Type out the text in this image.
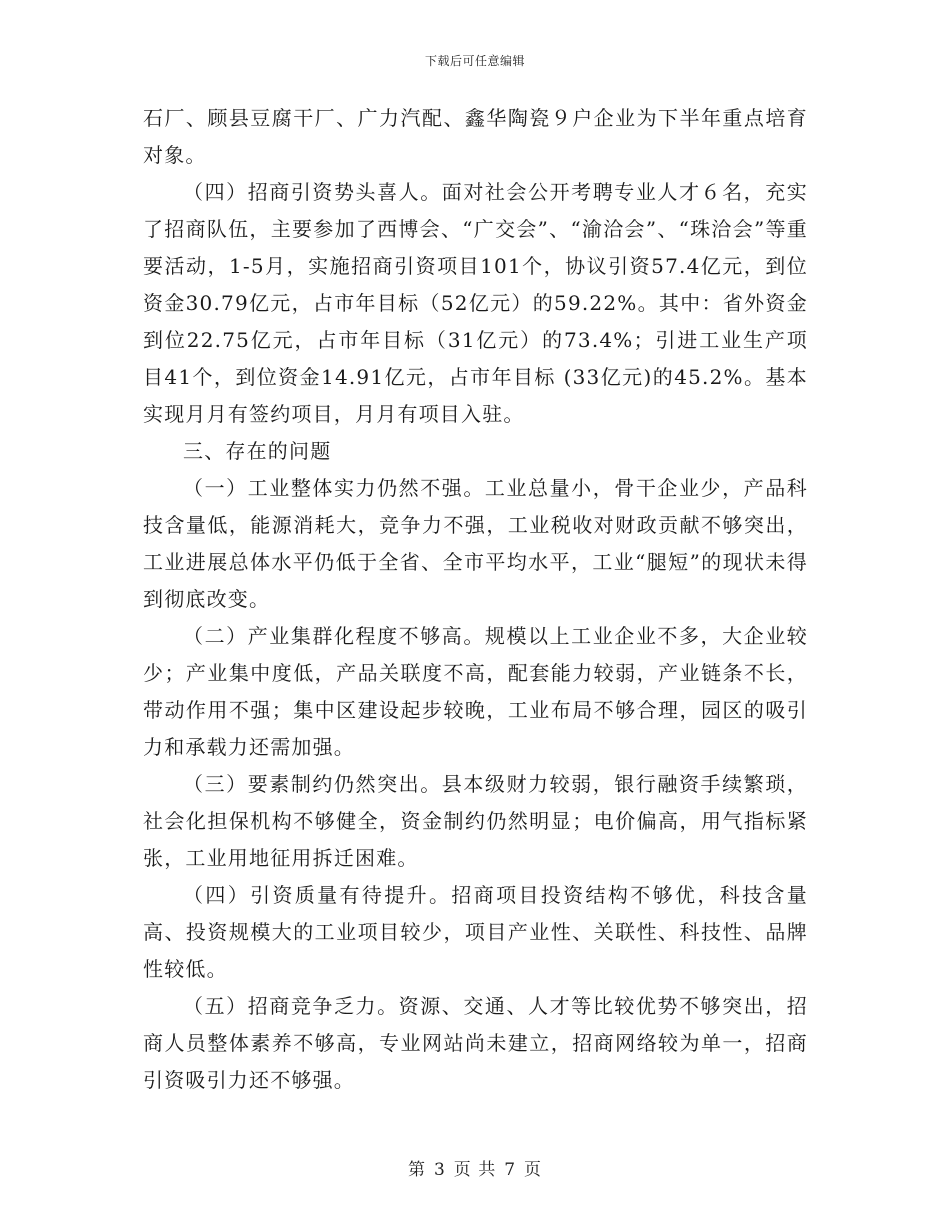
下载后可任意编辑

石厂、顾县豆腐干厂、广力汽配、鑫华陶瓷９户企业为下半年重点培育对象。

（四）招商引资势头喜人。面对社会公开考聘专业人才６名，充实了招商队伍，主要参加了西博会、“广交会”、“渝洽会”、“珠洽会”等重要活动，1-5月，实施招商引资项目101个，协议引资57.4亿元，到位资金30.79亿元，占市年目标（52亿元）的59.22%。其中：省外资金到位22.75亿元，占市年目标（31亿元）的73.4%；引进工业生产项目41个，到位资金14.91亿元，占市年目标 (33亿元)的45.2%。基本实现月月有签约项目，月月有项目入驻。

三、存在的问题

（一）工业整体实力仍然不强。工业总量小，骨干企业少，产品科技含量低，能源消耗大，竞争力不强，工业税收对财政贡献不够突出，工业进展总体水平仍低于全省、全市平均水平，工业“腿短”的现状未得到彻底改变。

（二）产业集群化程度不够高。规模以上工业企业不多，大企业较少；产业集中度低，产品关联度不高，配套能力较弱，产业链条不长，带动作用不强；集中区建设起步较晚，工业布局不够合理，园区的吸引力和承载力还需加强。

（三）要素制约仍然突出。县本级财力较弱，银行融资手续繁琐，社会化担保机构不够健全，资金制约仍然明显；电价偏高，用气指标紧张，工业用地征用拆迁困难。

（四）引资质量有待提升。招商项目投资结构不够优，科技含量高、投资规模大的工业项目较少，项目产业性、关联性、科技性、品牌性较低。

（五）招商竞争乏力。资源、交通、人才等比较优势不够突出，招商人员整体素养不够高，专业网站尚未建立，招商网络较为单一，招商引资吸引力还不够强。

第 3 页 共 7 页
